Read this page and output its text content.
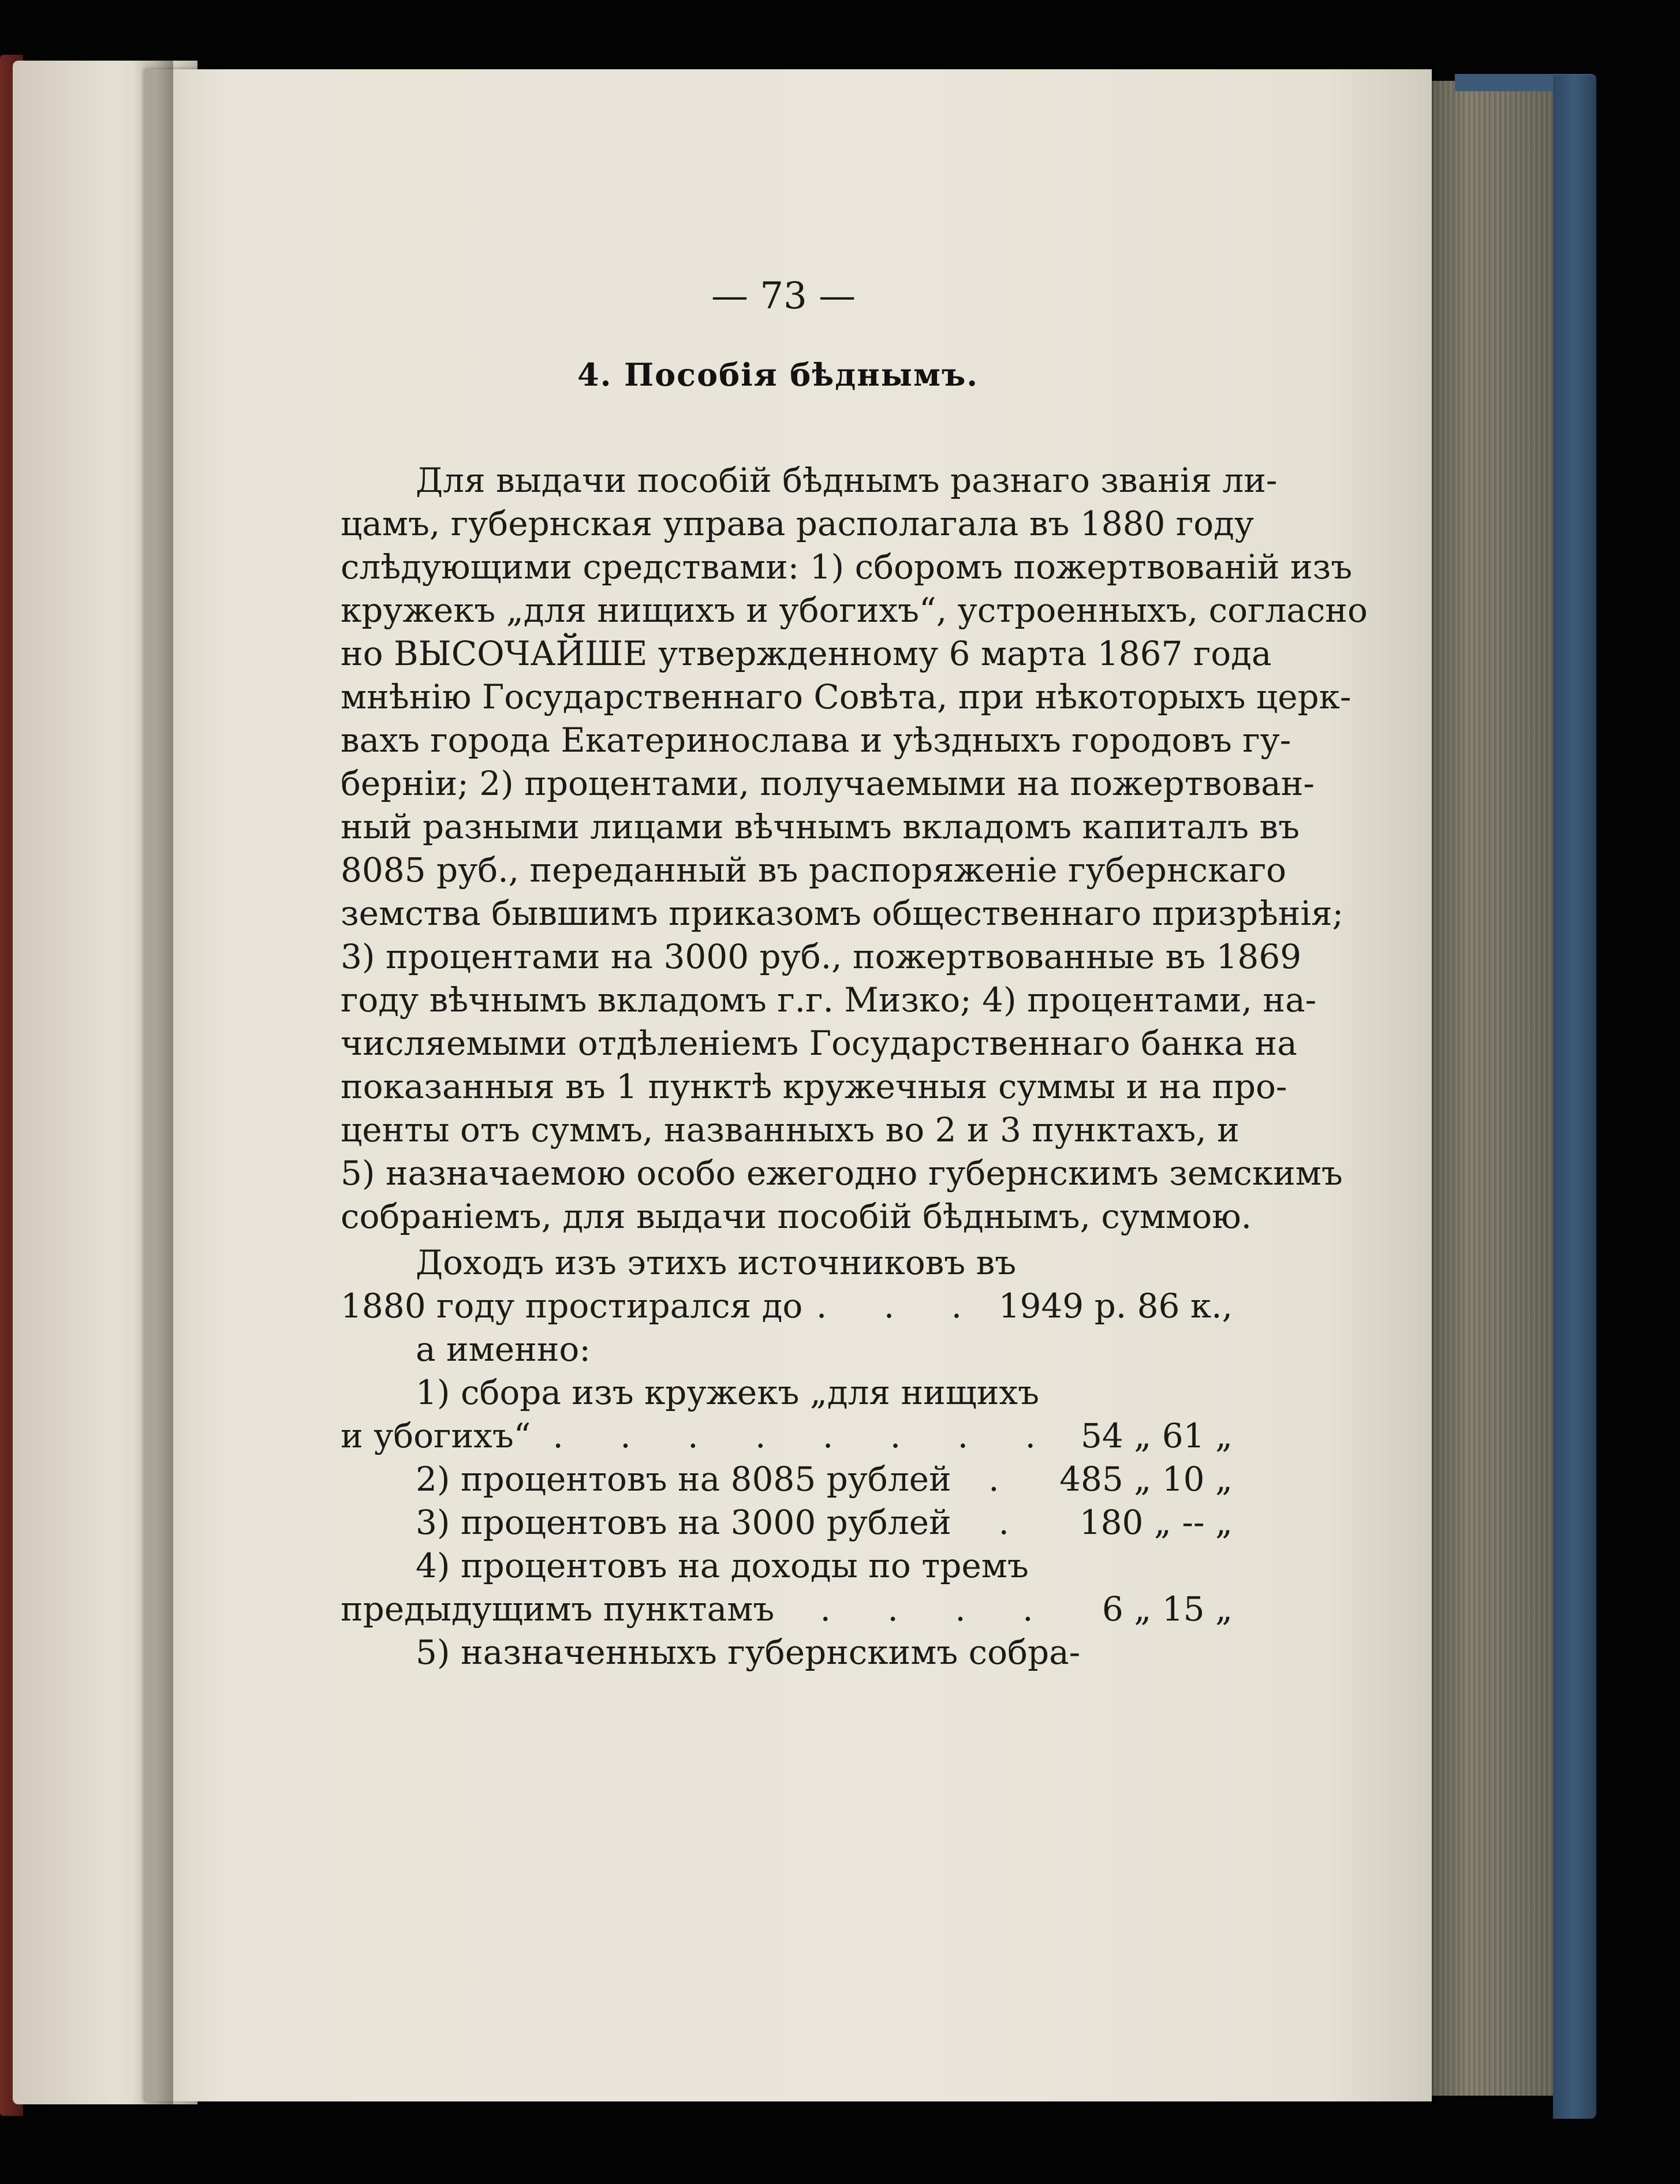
— 73 —
4. Пособія бѣднымъ.
Для выдачи пособій бѣднымъ разнаго званія ли-
цамъ, губернская управа располагала въ 1880 году
слѣдующими средствами: 1) сборомъ пожертвованій изъ
кружекъ „для нищихъ и убогихъ“, устроенныхъ, согласно
но ВЫСОЧАЙШЕ утвержденному 6 марта 1867 года
мнѣнію Государственнаго Совѣта, при нѣкоторыхъ церк-
вахъ города Екатеринослава и уѣздныхъ городовъ гу-
берніи; 2) процентами, получаемыми на пожертвован-
ный разными лицами вѣчнымъ вкладомъ капиталъ въ
8085 руб., переданный въ распоряженіе губернскаго
земства бывшимъ приказомъ общественнаго призрѣнія;
3) процентами на 3000 руб., пожертвованные въ 1869
году вѣчнымъ вкладомъ г.г. Мизко; 4) процентами, на-
числяемыми отдѣленіемъ Государственнаго банка на
показанныя въ 1 пунктѣ кружечныя суммы и на про-
центы отъ суммъ, названныхъ во 2 и 3 пунктахъ, и
5) назначаемою особо ежегодно губернскимъ земскимъ
собраніемъ, для выдачи пособій бѣднымъ, суммою.
Доходъ изъ этихъ источниковъ въ
1880 году простирался до . . . 1949 р. 86 к.,
а именно:
1) сбора изъ кружекъ „для нищихъ
и убогихъ“ . . . . . . . . 54 „ 61 „
2) процентовъ на 8085 рублей	.	485 „ 10 „
3) процентовъ на 3000 рублей	.	180 „ -- „
4) процентовъ на доходы по тремъ
предыдущимъ пунктамъ	. . . .	6 „ 15 „
5) назначенныхъ губернскимъ собра-
